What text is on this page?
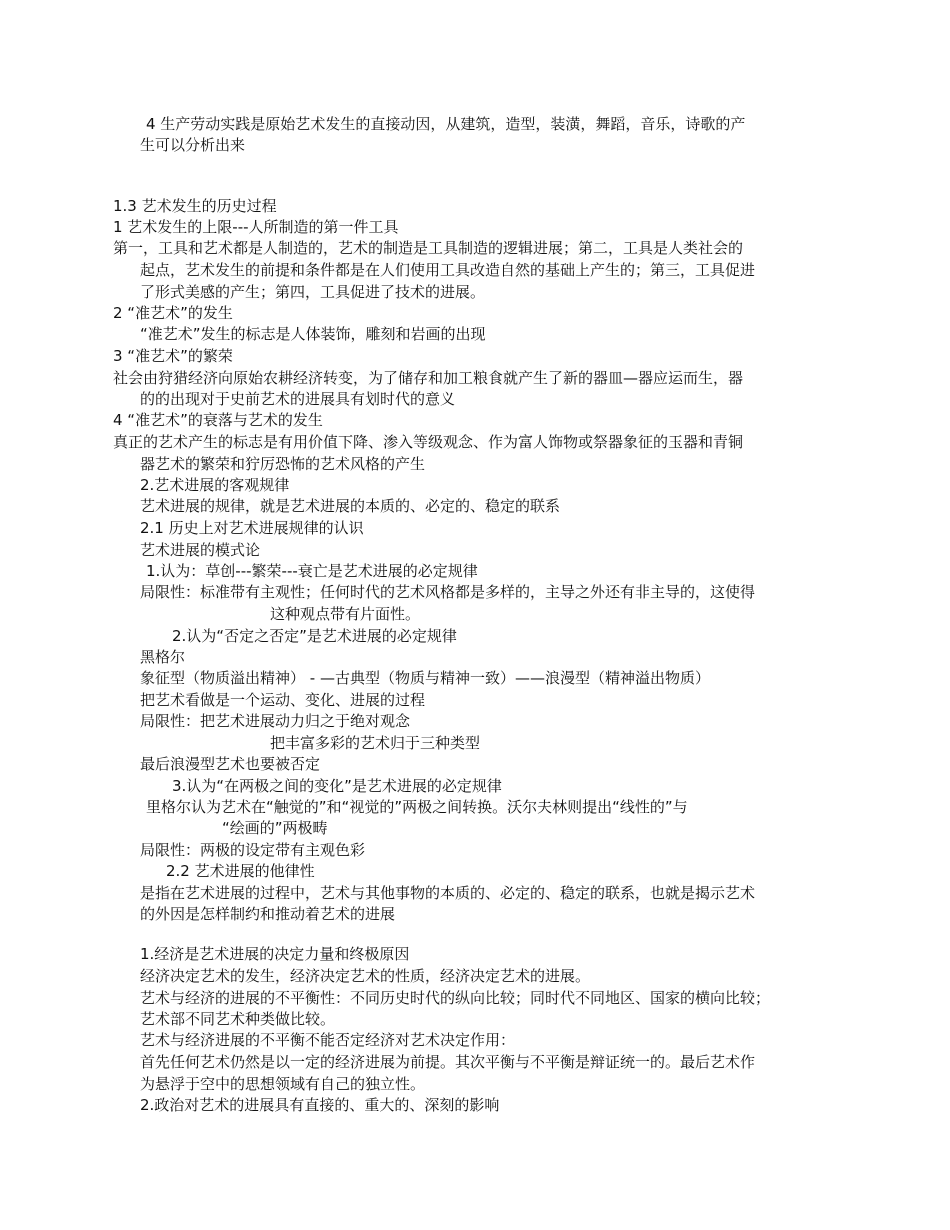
4 生产劳动实践是原始艺术发生的直接动因，从建筑，造型，装潢，舞蹈，音乐，诗歌的产
生可以分析出来
1.3 艺术发生的历史过程
1 艺术发生的上限---人所制造的第一件工具
第一，工具和艺术都是人制造的，艺术的制造是工具制造的逻辑进展；第二，工具是人类社会的
起点，艺术发生的前提和条件都是在人们使用工具改造自然的基础上产生的；第三，工具促进
了形式美感的产生；第四，工具促进了技术的进展。
2 “准艺术”的发生
“准艺术”发生的标志是人体装饰，雕刻和岩画的出现
3 “准艺术”的繁荣
社会由狩猎经济向原始农耕经济转变，为了储存和加工粮食就产生了新的器皿—器应运而生，器
的的出现对于史前艺术的进展具有划时代的意义
4 “准艺术”的衰落与艺术的发生
真正的艺术产生的标志是有用价值下降、渗入等级观念、作为富人饰物或祭器象征的玉器和青铜
器艺术的繁荣和狞厉恐怖的艺术风格的产生
2.艺术进展的客观规律
艺术进展的规律，就是艺术进展的本质的、必定的、稳定的联系
2.1 历史上对艺术进展规律的认识
艺术进展的模式论
1.认为：草创---繁荣---衰亡是艺术进展的必定规律
局限性：标准带有主观性；任何时代的艺术风格都是多样的，主导之外还有非主导的，这使得
这种观点带有片面性。
2.认为“否定之否定”是艺术进展的必定规律
黑格尔
象征型（物质溢出精神） - —古典型（物质与精神一致）——浪漫型（精神溢出物质）
把艺术看做是一个运动、变化、进展的过程
局限性：把艺术进展动力归之于绝对观念
把丰富多彩的艺术归于三种类型
最后浪漫型艺术也要被否定
3.认为“在两极之间的变化”是艺术进展的必定规律
里格尔认为艺术在“触觉的”和“视觉的”两极之间转换。沃尔夫林则提出“线性的”与
“绘画的”两极畴
局限性：两极的设定带有主观色彩
2.2 艺术进展的他律性
是指在艺术进展的过程中，艺术与其他事物的本质的、必定的、稳定的联系，也就是揭示艺术
的外因是怎样制约和推动着艺术的进展
1.经济是艺术进展的决定力量和终极原因
经济决定艺术的发生，经济决定艺术的性质，经济决定艺术的进展。
艺术与经济的进展的不平衡性：不同历史时代的纵向比较；同时代不同地区、国家的横向比较；
艺术部不同艺术种类做比较。
艺术与经济进展的不平衡不能否定经济对艺术决定作用：
首先任何艺术仍然是以一定的经济进展为前提。其次平衡与不平衡是辩证统一的。最后艺术作
为悬浮于空中的思想领域有自己的独立性。
2.政治对艺术的进展具有直接的、重大的、深刻的影响
